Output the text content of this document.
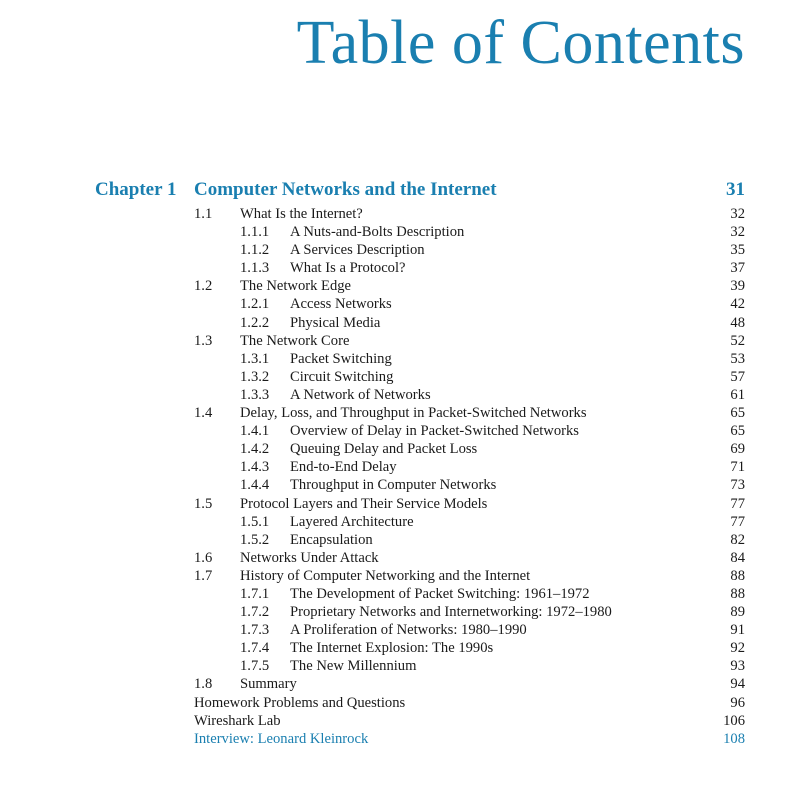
Table of Contents
Chapter 1 Computer Networks and the Internet	31
1.1 What Is the Internet?	32
1.1.1 A Nuts-and-Bolts Description	32
1.1.2 A Services Description	35
1.1.3 What Is a Protocol?	37
1.2 The Network Edge	39
1.2.1 Access Networks	42
1.2.2 Physical Media	48
1.3 The Network Core	52
1.3.1 Packet Switching	53
1.3.2 Circuit Switching	57
1.3.3 A Network of Networks	61
1.4 Delay, Loss, and Throughput in Packet-Switched Networks	65
1.4.1 Overview of Delay in Packet-Switched Networks	65
1.4.2 Queuing Delay and Packet Loss	69
1.4.3 End-to-End Delay	71
1.4.4 Throughput in Computer Networks	73
1.5 Protocol Layers and Their Service Models	77
1.5.1 Layered Architecture	77
1.5.2 Encapsulation	82
1.6 Networks Under Attack	84
1.7 History of Computer Networking and the Internet	88
1.7.1 The Development of Packet Switching: 1961–1972	88
1.7.2 Proprietary Networks and Internetworking: 1972–1980	89
1.7.3 A Proliferation of Networks: 1980–1990	91
1.7.4 The Internet Explosion: The 1990s	92
1.7.5 The New Millennium	93
1.8 Summary	94
Homework Problems and Questions	96
Wireshark Lab	106
Interview: Leonard Kleinrock	108
